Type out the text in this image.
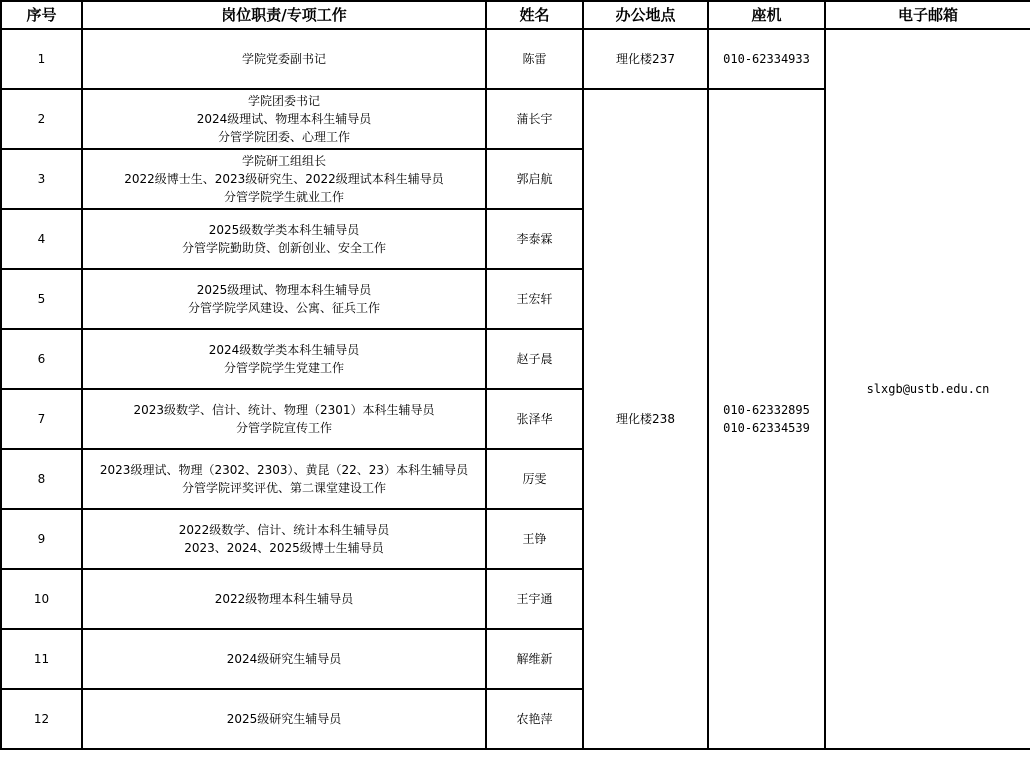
序号	岗位职责/专项工作	姓名	办公地点	座机	电子邮箱
1	学院党委副书记	陈雷	理化楼237	010-62334933	slxgb@ustb.edu.cn
2	学院团委书记
2024级理试、物理本科生辅导员
分管学院团委、心理工作	蒲长宇	理化楼238	010-62332895
010-62334539	

3	学院研工组组长
2022级博士生、2023级研究生、2022级理试本科生辅导员
分管学院学生就业工作	郭启航			
4	2025级数学类本科生辅导员
分管学院勤助贷、创新创业、安全工作	李泰霖			
5	2025级理试、物理本科生辅导员
分管学院学风建设、公寓、征兵工作	王宏轩			
6	2024级数学类本科生辅导员
分管学院学生党建工作	赵子晨			
7	2023级数学、信计、统计、物理（2301）本科生辅导员
分管学院宣传工作	张泽华			
8	2023级理试、物理（2302、2303）、黄昆（22、23）本科生辅导员
分管学院评奖评优、第二课堂建设工作	厉雯			
9	2022级数学、信计、统计本科生辅导员
2023、2024、2025级博士生辅导员	王铮			
10	2022级物理本科生辅导员	王宇通			
11	2024级研究生辅导员	解维新			
12	2025级研究生辅导员	农艳萍			
